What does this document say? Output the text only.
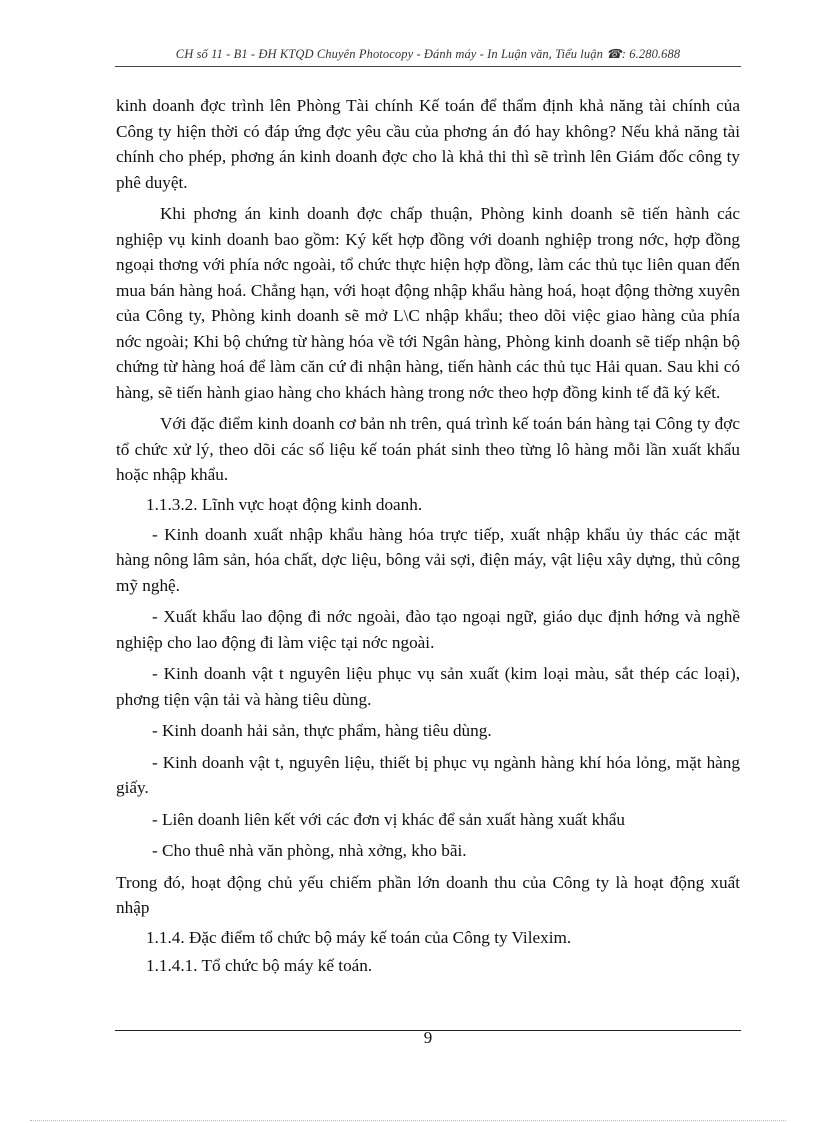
CH số 11 - B1 - ĐH KTQD Chuyên Photocopy - Đánh máy - In Luận văn, Tiểu luận ☎: 6.280.688

kinh doanh đợc trình lên Phòng Tài chính Kế toán để thẩm định khả năng tài chính của Công ty hiện thời có đáp ứng đợc yêu cầu của phơng án đó hay không? Nếu khả năng tài chính cho phép, phơng án kinh doanh đợc cho là khả thi thì sẽ trình lên Giám đốc công ty phê duyệt.

Khi phơng án kinh doanh đợc chấp thuận, Phòng kinh doanh sẽ tiến hành các nghiệp vụ kinh doanh bao gồm: Ký kết hợp đồng với doanh nghiệp trong nớc, hợp đồng ngoại thơng với phía nớc ngoài, tổ chức thực hiện hợp đồng, làm các thủ tục liên quan đến mua bán hàng hoá. Chẳng hạn, với hoạt động nhập khẩu hàng hoá, hoạt động thờng xuyên của Công ty, Phòng kinh doanh sẽ mở L\C nhập khẩu; theo dõi việc giao hàng của phía nớc ngoài; Khi bộ chứng từ hàng hóa về tới Ngân hàng, Phòng kinh doanh sẽ tiếp nhận bộ chứng từ hàng hoá để làm căn cứ đi nhận hàng, tiến hành các thủ tục Hải quan. Sau khi có hàng, sẽ tiến hành giao hàng cho khách hàng trong nớc theo hợp đồng kinh tế đã ký kết.

Với đặc điểm kinh doanh cơ bản nh trên, quá trình kế toán bán hàng tại Công ty đợc tổ chức xử lý, theo dõi các số liệu kế toán phát sinh theo từng lô hàng mỗi lần xuất khẩu hoặc nhập khẩu.

1.1.3.2. Lĩnh vực hoạt động kinh doanh.

- Kinh doanh xuất nhập khẩu hàng hóa trực tiếp, xuất nhập khẩu ủy thác các mặt hàng nông lâm sản, hóa chất, dợc liệu, bông vải sợi, điện máy, vật liệu xây dựng, thủ công mỹ nghệ.

- Xuất khẩu lao động đi nớc ngoài, đào tạo ngoại ngữ, giáo dục định hớng và nghề nghiệp cho lao động đi làm việc tại nớc ngoài.

- Kinh doanh vật t nguyên liệu phục vụ sản xuất (kim loại màu, sắt thép các loại), phơng tiện vận tải và hàng tiêu dùng.

- Kinh doanh hải sản, thực phẩm, hàng tiêu dùng.

- Kinh doanh vật t, nguyên liệu, thiết bị phục vụ ngành hàng khí hóa lỏng, mặt hàng giấy.

- Liên doanh liên kết với các đơn vị khác để sản xuất hàng xuất khẩu

- Cho thuê nhà văn phòng, nhà xởng, kho bãi.

Trong đó, hoạt động chủ yếu chiếm phần lớn doanh thu của Công ty là hoạt động xuất nhập

1.1.4. Đặc điểm tổ chức bộ máy kế toán của Công ty Vilexim.

1.1.4.1. Tổ chức bộ máy kế toán.

9
